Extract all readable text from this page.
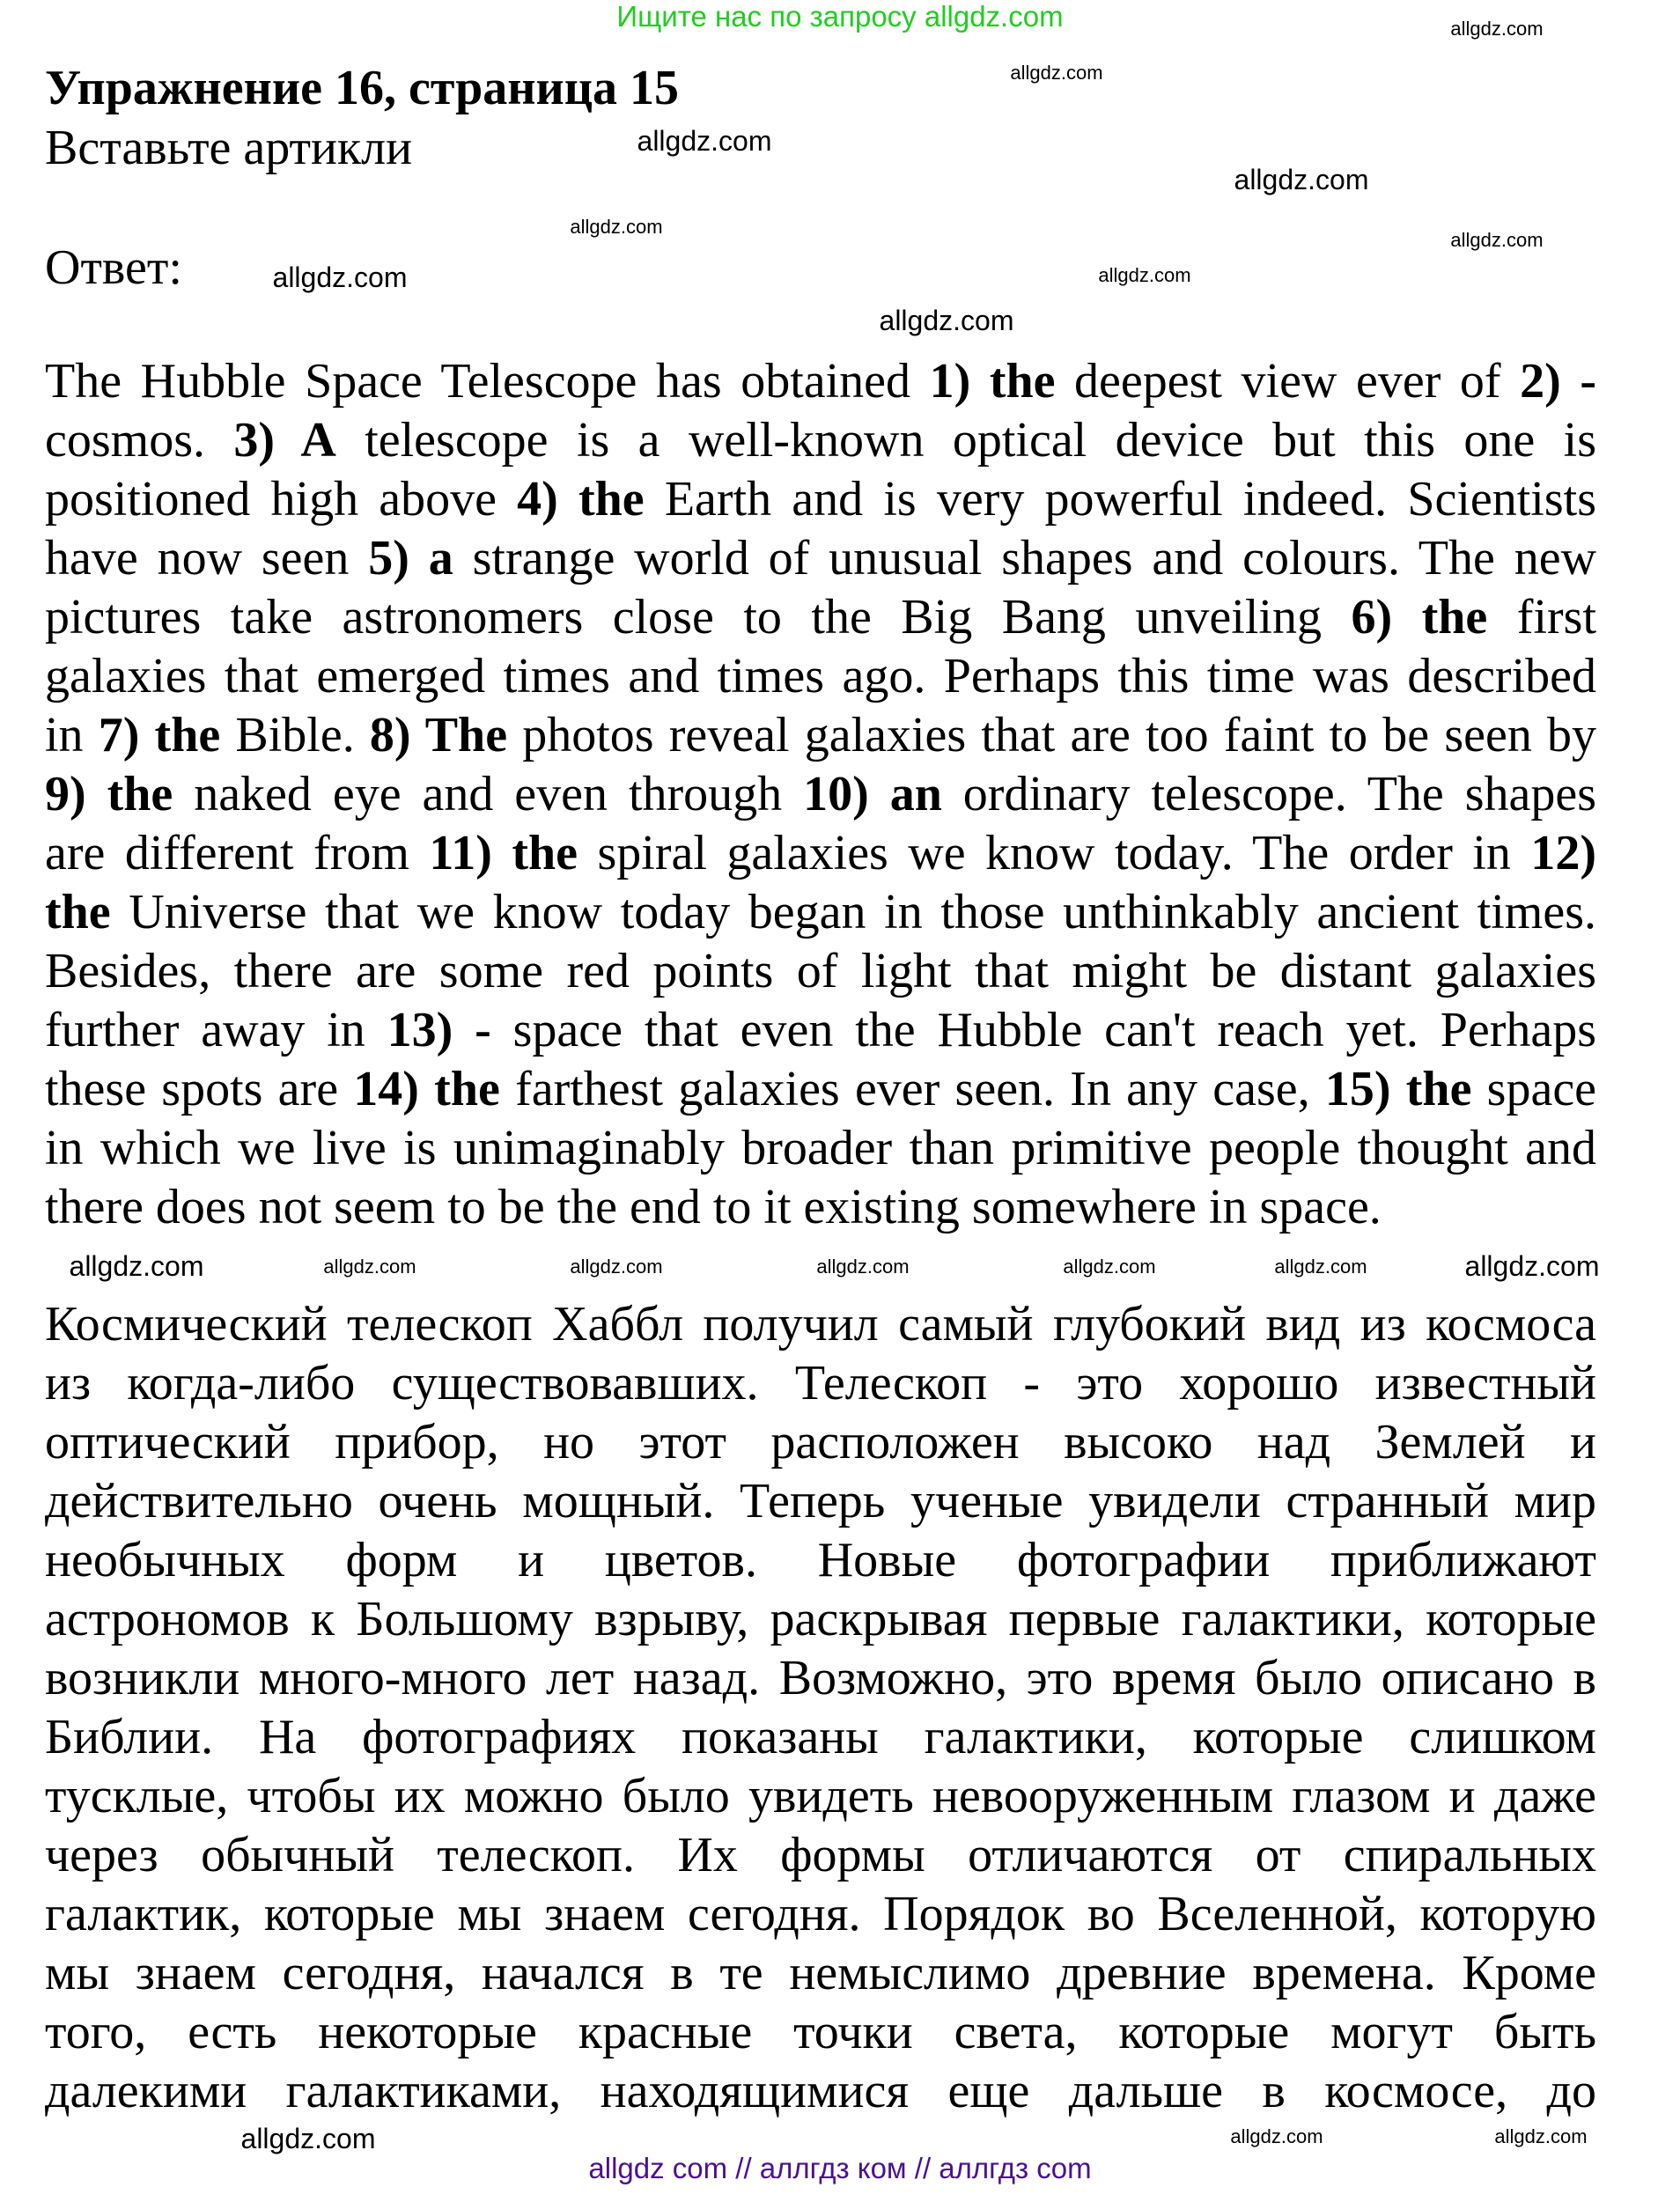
Ищите нас по запросу allgdz.com
Упражнение 16, страница 15
Вставьте артикли
Ответ:
The Hubble Space Telescope has obtained 1) the deepest view ever of 2) -
cosmos. 3) A telescope is a well-known optical device but this one is
positioned high above 4) the Earth and is very powerful indeed. Scientists
have now seen 5) a strange world of unusual shapes and colours. The new
pictures take astronomers close to the Big Bang unveiling 6) the first
galaxies that emerged times and times ago. Perhaps this time was described
in 7) the Bible. 8) The photos reveal galaxies that are too faint to be seen by
9) the naked eye and even through 10) an ordinary telescope. The shapes
are different from 11) the spiral galaxies we know today. The order in 12)
the Universe that we know today began in those unthinkably ancient times.
Besides, there are some red points of light that might be distant galaxies
further away in 13) - space that even the Hubble can't reach yet. Perhaps
these spots are 14) the farthest galaxies ever seen. In any case, 15) the space
in which we live is unimaginably broader than primitive people thought and
there does not seem to be the end to it existing somewhere in space.
Космический телескоп Хаббл получил самый глубокий вид из космоса
из когда-либо существовавших. Телескоп - это хорошо известный
оптический прибор, но этот расположен высоко над Землей и
действительно очень мощный. Теперь ученые увидели странный мир
необычных форм и цветов. Новые фотографии приближают
астрономов к Большому взрыву, раскрывая первые галактики, которые
возникли много-много лет назад. Возможно, это время было описано в
Библии. На фотографиях показаны галактики, которые слишком
тусклые, чтобы их можно было увидеть невооруженным глазом и даже
через обычный телескоп. Их формы отличаются от спиральных
галактик, которые мы знаем сегодня. Порядок во Вселенной, которую
мы знаем сегодня, начался в те немыслимо древние времена. Кроме
того, есть некоторые красные точки света, которые могут быть
далекими галактиками, находящимися еще дальше в космосе, до
allgdz.com
allgdz.com
allgdz.com
allgdz.com
allgdz.com
allgdz.com
allgdz.com
allgdz.com
allgdz.com
allgdz.com
allgdz.com	allgdz.com	allgdz.com	allgdz.com	allgdz.com	allgdz.com
allgdz.com	allgdz.com
allgdz.com
allgdz com // аллгдз ком // аллгдз com
